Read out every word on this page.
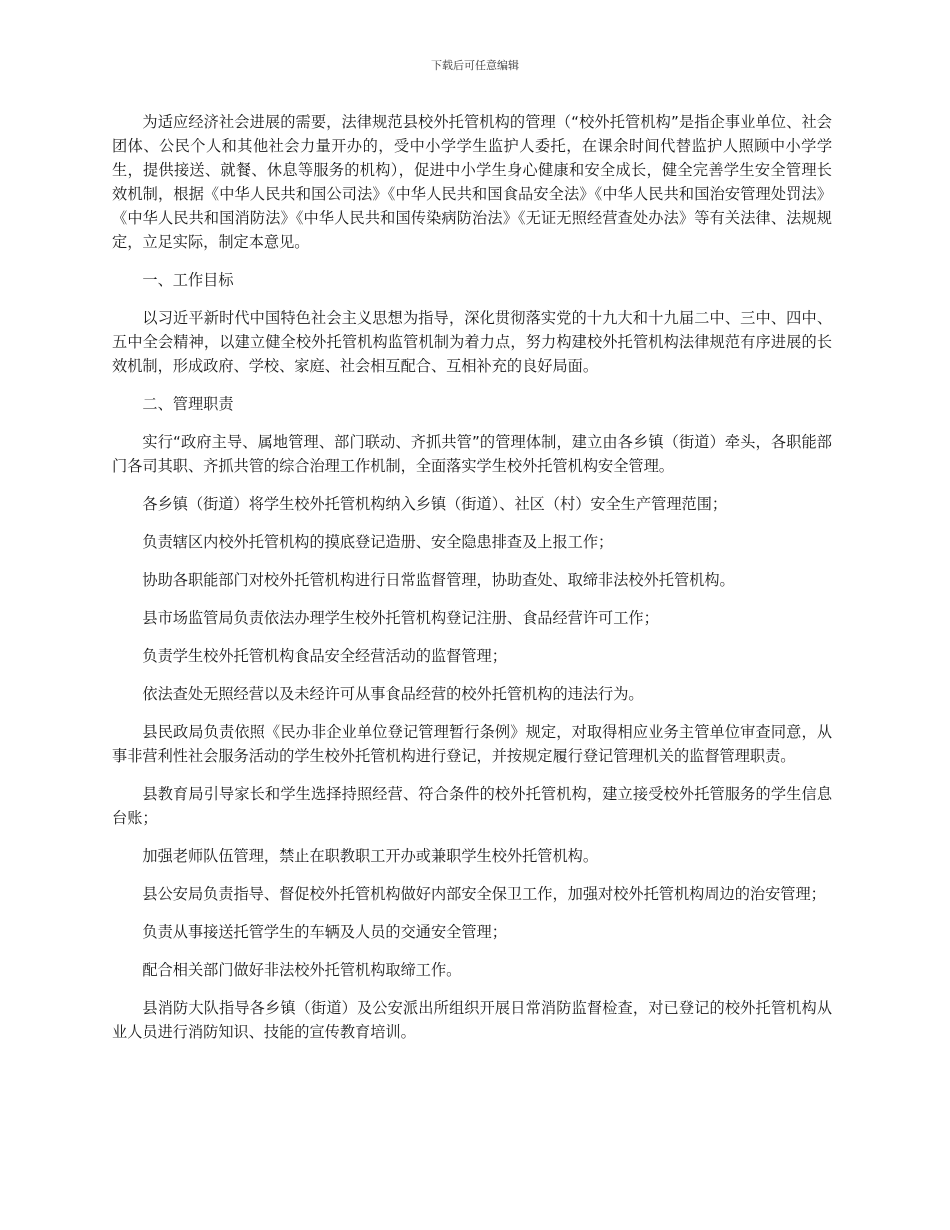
下载后可任意编辑

为适应经济社会进展的需要，法律规范县校外托管机构的管理（“校外托管机构”是指企事业单位、社会团体、公民个人和其他社会力量开办的，受中小学学生监护人委托，在课余时间代替监护人照顾中小学学生，提供接送、就餐、休息等服务的机构），促进中小学生身心健康和安全成长，健全完善学生安全管理长效机制，根据《中华人民共和国公司法》《中华人民共和国食品安全法》《中华人民共和国治安管理处罚法》《中华人民共和国消防法》《中华人民共和国传染病防治法》《无证无照经营查处办法》等有关法律、法规规定，立足实际，制定本意见。

一、工作目标

以习近平新时代中国特色社会主义思想为指导，深化贯彻落实党的十九大和十九届二中、三中、四中、五中全会精神，以建立健全校外托管机构监管机制为着力点，努力构建校外托管机构法律规范有序进展的长效机制，形成政府、学校、家庭、社会相互配合、互相补充的良好局面。

二、管理职责

实行“政府主导、属地管理、部门联动、齐抓共管”的管理体制，建立由各乡镇（街道）牵头，各职能部门各司其职、齐抓共管的综合治理工作机制，全面落实学生校外托管机构安全管理。

各乡镇（街道）将学生校外托管机构纳入乡镇（街道）、社区（村）安全生产管理范围；

负责辖区内校外托管机构的摸底登记造册、安全隐患排查及上报工作；

协助各职能部门对校外托管机构进行日常监督管理，协助查处、取缔非法校外托管机构。

县市场监管局负责依法办理学生校外托管机构登记注册、食品经营许可工作；

负责学生校外托管机构食品安全经营活动的监督管理；

依法查处无照经营以及未经许可从事食品经营的校外托管机构的违法行为。

县民政局负责依照《民办非企业单位登记管理暂行条例》规定，对取得相应业务主管单位审查同意，从事非营利性社会服务活动的学生校外托管机构进行登记，并按规定履行登记管理机关的监督管理职责。

县教育局引导家长和学生选择持照经营、符合条件的校外托管机构，建立接受校外托管服务的学生信息台账；

加强老师队伍管理，禁止在职教职工开办或兼职学生校外托管机构。

县公安局负责指导、督促校外托管机构做好内部安全保卫工作，加强对校外托管机构周边的治安管理；

负责从事接送托管学生的车辆及人员的交通安全管理；

配合相关部门做好非法校外托管机构取缔工作。

县消防大队指导各乡镇（街道）及公安派出所组织开展日常消防监督检查，对已登记的校外托管机构从业人员进行消防知识、技能的宣传教育培训。
